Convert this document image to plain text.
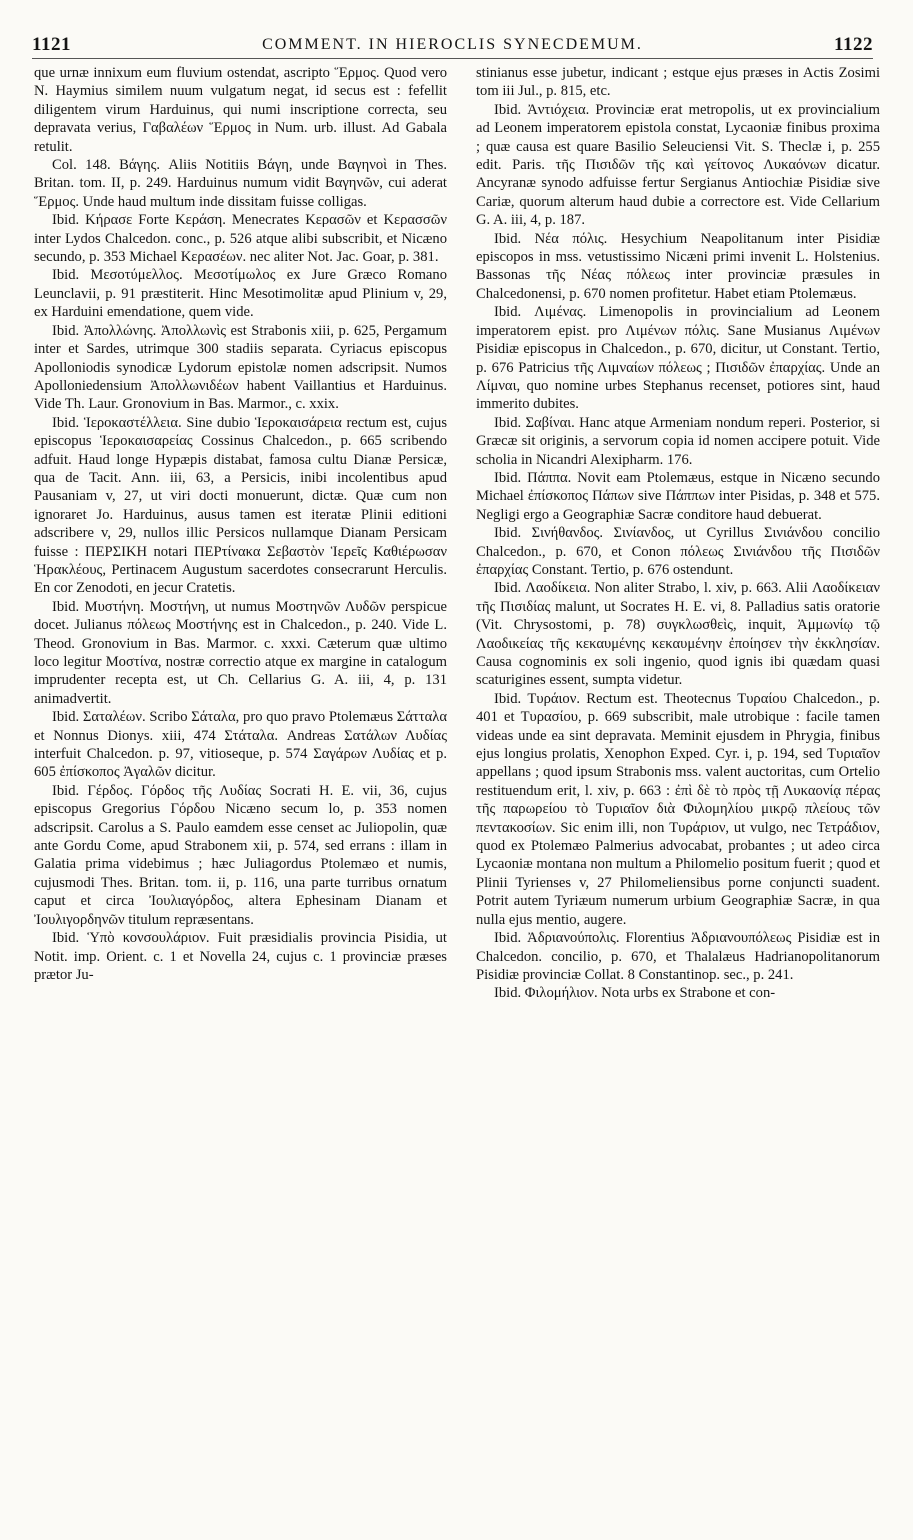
1121	COMMENT. IN HIEROCLIS SYNECDEMUM.	1122

que urnæ innixum eum fluvium ostendat, ascripto Ἕρμος. Quod vero N. Haymius similem nuum vulgatum negat, id secus est : fefellit diligentem virum Harduinus, qui numi inscriptione correcta, seu depravata verius, Γαβαλέων Ἕρμος in Num. urb. illust. Ad Gabala retulit.

Col. 148. Βάγης. Aliis Notitiis Βάγη, unde Βαγηνοὶ in Thes. Britan. tom. II, p. 249. Harduinus numum vidit Βαγηνῶν, cui aderat Ἕρμος. Unde haud multum inde dissitam fuisse colligas.

Ibid. Κήρασε Forte Κεράση. Menecrates Κερασῶν et Κερασσῶν inter Lydos Chalcedon. conc., p. 526 atque alibi subscribit, et Nicæno secundo, p. 353 Michael Κερασέων. nec aliter Not. Jac. Goar, p. 381.

Ibid. Μεσοτύμελλος. Μεσοτίμωλος ex Jure Græco Romano Leunclavii, p. 91 præstiterit. Hinc Mesotimolitæ apud Plinium v, 29, ex Harduini emendatione, quem vide.

Ibid. Ἀπολλώνης. Ἀπολλωνὶς est Strabonis xiii, p. 625, Pergamum inter et Sardes, utrimque 300 stadiis separata. Cyriacus episcopus Apolloniodis synodicæ Lydorum epistolæ nomen adscripsit. Numos Apolloniedensium Ἀπολλωνιδέων habent Vaillantius et Harduinus. Vide Th. Laur. Gronovium in Bas. Marmor., c. xxix.

Ibid. Ἱεροκαστέλλεια. Sine dubio Ἱεροκαισάρεια rectum est, cujus episcopus Ἱεροκαισαρείας Cossinus Chalcedon., p. 665 scribendo adfuit. Haud longe Hypæpis distabat, famosa cultu Dianæ Persicæ, qua de Tacit. Ann. iii, 63, a Persicis, inibi incolentibus apud Pausaniam v, 27, ut viri docti monuerunt, dictæ. Quæ cum non ignoraret Jo. Harduinus, ausus tamen est iteratæ Plinii editioni adscribere v, 29, nullos illic Persicos nullamque Dianam Persicam fuisse : ΠΕΡΣΙΚΗ notari ΠΕΡτίνακα Σεβαστὸν Ἱερεῖς Καθιέρωσαν Ἡρακλέους, Pertinacem Augustum sacerdotes consecrarunt Herculis. En cor Zenodoti, en jecur Cratetis.

Ibid. Μυστήνη. Μοστήνη, ut numus Μοστηνῶν Λυδῶν perspicue docet. Julianus πόλεως Μοστήνης est in Chalcedon., p. 240. Vide L. Theod. Gronovium in Bas. Marmor. c. xxxi. Cæterum quæ ultimo loco legitur Μοστίνα, nostræ correctio atque ex margine in catalogum imprudenter recepta est, ut Ch. Cellarius G. A. iii, 4, p. 131 animadvertit.

Ibid. Σαταλέων. Scribo Σάταλα, pro quo pravo Ptolemæus Σάτταλα et Nonnus Dionys. xiii, 474 Στάταλα. Andreas Σατάλων Λυδίας interfuit Chalcedon. p. 97, vitioseque, p. 574 Σαγάρων Λυδίας et p. 605 ἐπίσκοπος Ἀγαλῶν dicitur.

Ibid. Γέρδος. Γόρδος τῆς Λυδίας Socrati H. E. vii, 36, cujus episcopus Gregorius Γόρδου Nicæno secum lo, p. 353 nomen adscripsit. Carolus a S. Paulo eamdem esse censet ac Juliopolin, quæ ante Gordu Come, apud Strabonem xii, p. 574, sed errans : illam in Galatia prima videbimus ; hæc Juliagordus Ptolemæo et numis, cujusmodi Thes. Britan. tom. ii, p. 116, una parte turribus ornatum caput et circa Ἰουλιαγόρδος, altera Ephesinam Dianam et Ἰουλιγορδηνῶν titulum repræsentans.

Ibid. Ὑπὸ κονσουλάριον. Fuit præsidialis provincia Pisidia, ut Notit. imp. Orient. c. 1 et Novella 24, cujus c. 1 provinciæ præses prætor Ju-

stinianus esse jubetur, indicant ; estque ejus præses in Actis Zosimi tom iii Jul., p. 815, etc.

Ibid. Ἀντιόχεια. Provinciæ erat metropolis, ut ex provincialium ad Leonem imperatorem epistola constat, Lycaoniæ finibus proxima ; quæ causa est quare Basilio Seleuciensi Vit. S. Theclæ i, p. 255 edit. Paris. τῆς Πισιδῶν τῆς καὶ γείτονος Λυκαόνων dicatur. Ancyranæ synodo adfuisse fertur Sergianus Antiochiæ Pisidiæ sive Cariæ, quorum alterum haud dubie a correctore est. Vide Cellarium G. A. iii, 4, p. 187.

Ibid. Νέα πόλις. Hesychium Neapolitanum inter Pisidiæ episcopos in mss. vetustissimo Nicæni primi invenit L. Holstenius. Bassonas τῆς Νέας πόλεως inter provinciæ præsules in Chalcedonensi, p. 670 nomen profitetur. Habet etiam Ptolemæus.

Ibid. Λιμένας. Limenopolis in provincialium ad Leonem imperatorem epist. pro Λιμένων πόλις. Sane Musianus Λιμένων Pisidiæ episcopus in Chalcedon., p. 670, dicitur, ut Constant. Tertio, p. 676 Patricius τῆς Λιμναίων πόλεως ; Πισιδῶν ἐπαρχίας. Unde an Λίμναι, quo nomine urbes Stephanus recenset, potiores sint, haud immerito dubites.

Ibid. Σαβίναι. Hanc atque Armeniam nondum reperi. Posterior, si Græcæ sit originis, a servorum copia id nomen accipere potuit. Vide scholia in Nicandri Alexipharm. 176.

Ibid. Πάππα. Novit eam Ptolemæus, estque in Nicæno secundo Michael ἐπίσκοπος Πάπων sive Πάππων inter Pisidas, p. 348 et 575. Negligi ergo a Geographiæ Sacræ conditore haud debuerat.

Ibid. Σινήθανδος. Σινίανδος, ut Cyrillus Σινιάνδου concilio Chalcedon., p. 670, et Conon πόλεως Σινιάνδου τῆς Πισιδῶν ἐπαρχίας Constant. Tertio, p. 676 ostendunt.

Ibid. Λαοδίκεια. Non aliter Strabo, l. xiv, p. 663. Alii Λαοδίκειαν τῆς Πισιδίας malunt, ut Socrates H. E. vi, 8. Palladius satis oratorie (Vit. Chrysostomi, p. 78) συγκλωσθεὶς, inquit, Ἀμμωνίῳ τῷ Λαοδικείας τῆς κεκαυμένης κεκαυμένην ἐποίησεν τὴν ἐκκλησίαν. Causa cognominis ex soli ingenio, quod ignis ibi quædam quasi scaturigines essent, sumpta videtur.

Ibid. Τυράιον. Rectum est. Theotecnus Τυραίου Chalcedon., p. 401 et Τυρασίου, p. 669 subscribit, male utrobique : facile tamen videas unde ea sint depravata. Meminit ejusdem in Phrygia, finibus ejus longius prolatis, Xenophon Exped. Cyr. i, p. 194, sed Τυριαῖον appellans ; quod ipsum Strabonis mss. valent auctoritas, cum Ortelio restituendum erit, l. xiv, p. 663 : ἐπὶ δὲ τὸ πρὸς τῇ Λυκαονίᾳ πέρας τῆς παρωρείου τὸ Τυριαῖον διὰ Φιλομηλίου μικρῷ πλείους τῶν πεντακοσίων. Sic enim illi, non Τυράριον, ut vulgo, nec Τετράδιον, quod ex Ptolemæo Palmerius advocabat, probantes ; ut adeo circa Lycaoniæ montana non multum a Philomelio positum fuerit ; quod et Plinii Tyrienses v, 27 Philomeliensibus porne conjuncti suadent. Potrit autem Tyriæum numerum urbium Geographiæ Sacræ, in qua nulla ejus mentio, augere.

Ibid. Ἀδριανούπολις. Florentius Ἀδριανουπόλεως Pisidiæ est in Chalcedon. concilio, p. 670, et Thalalæus Hadrianopolitanorum Pisidiæ provinciæ Collat. 8 Constantinop. sec., p. 241.

Ibid. Φιλομήλιον. Nota urbs ex Strabone et con-
